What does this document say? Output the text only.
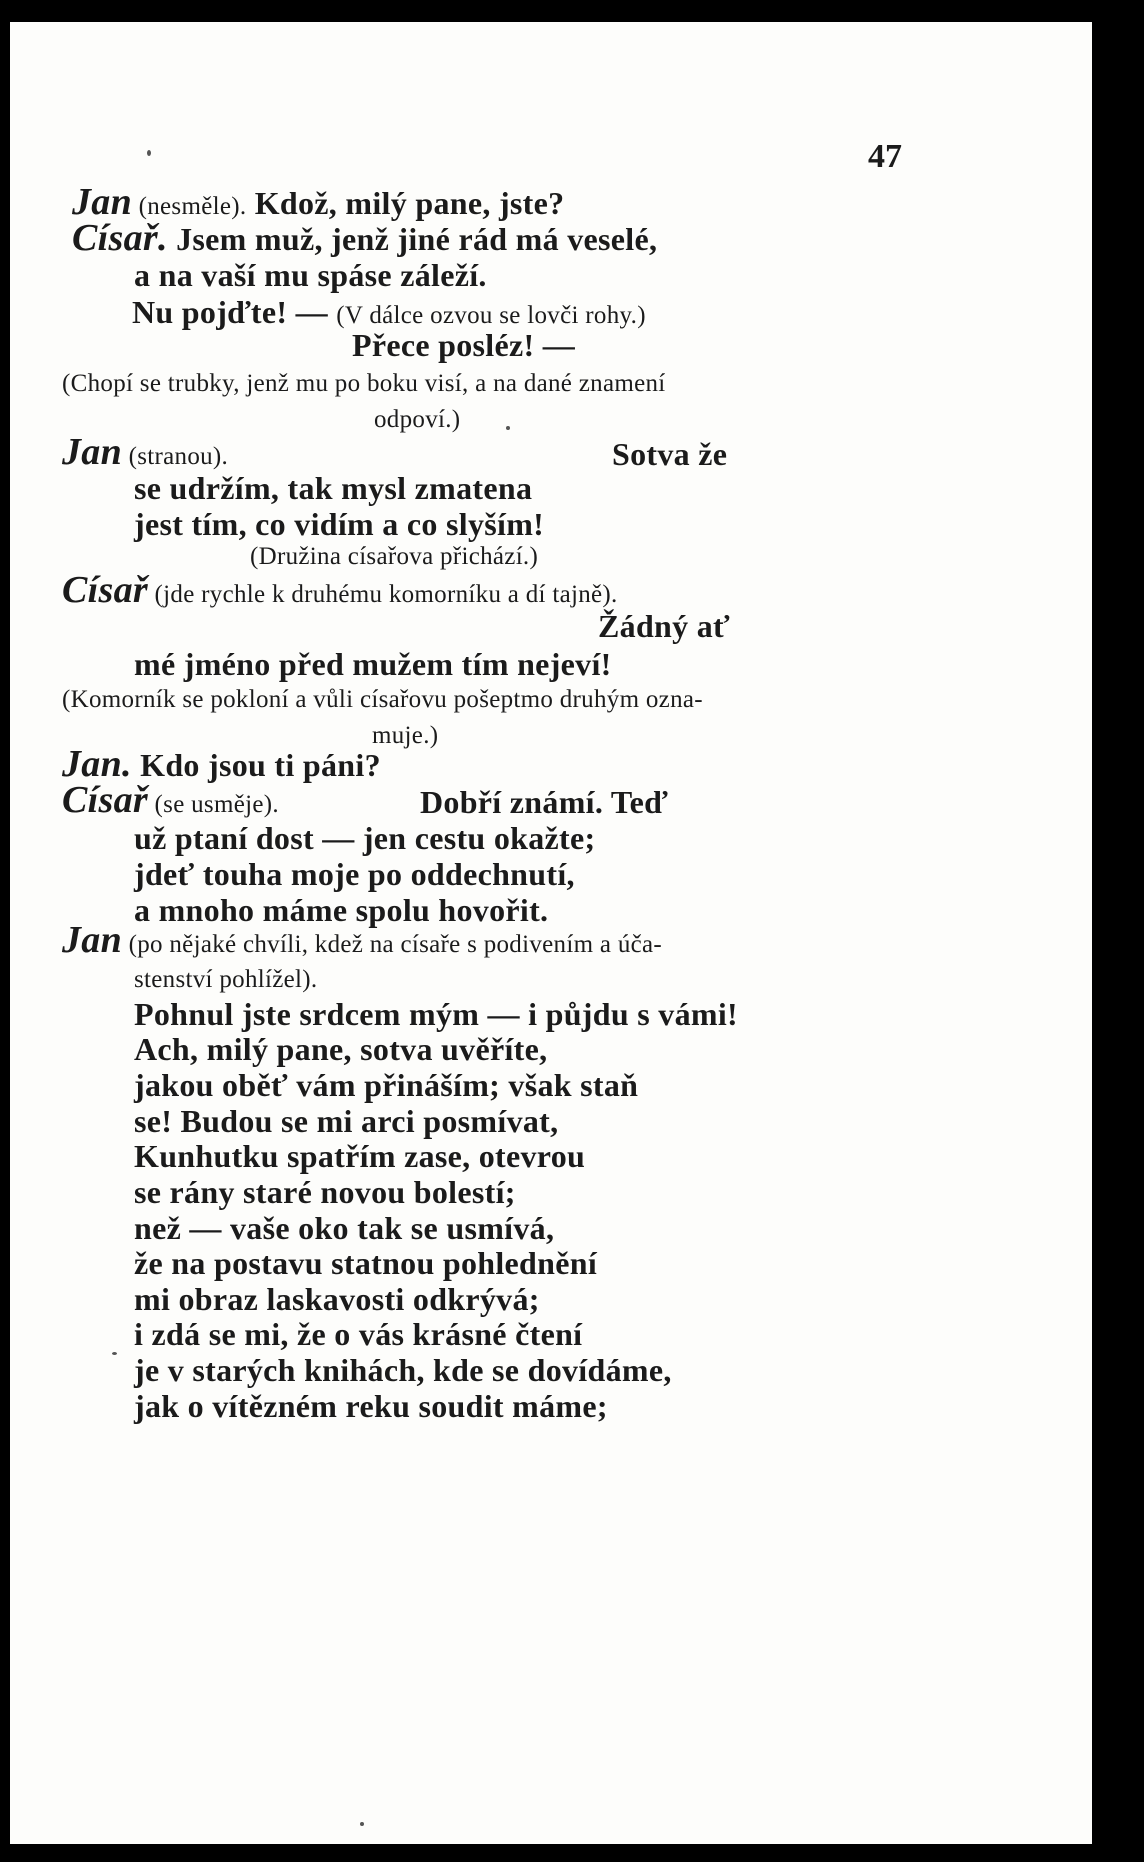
47
Jan (nesměle). Kdož, milý pane, jste?
Císař. Jsem muž, jenž jiné rád má veselé,
a na vaší mu spáse záleží.
Nu pojďte! — (V dálce ozvou se lovči rohy.)
Přece posléz! —
(Chopí se trubky, jenž mu po boku visí, a na dané znamení
odpoví.)
Jan (stranou).	Sotva že
se udržím, tak mysl zmatena
jest tím, co vidím a co slyším!
(Družina císařova přichází.)
Císař (jde rychle k druhému komorníku a dí tajně).
Žádný ať
mé jméno před mužem tím nejeví!
(Komorník se pokloní a vůli císařovu pošeptmo druhým ozna-
muje.)
Jan. Kdo jsou ti páni?
Císař (se usměje).	Dobří známí. Teď
už ptaní dost — jen cestu okažte;
jdeť touha moje po oddechnutí,
a mnoho máme spolu hovořit.
Jan (po nějaké chvíli, kdež na císaře s podivením a úča-
stenství pohlížel).
Pohnul jste srdcem mým — i půjdu s vámi!
Ach, milý pane, sotva uvěříte,
jakou oběť vám přináším; však staň
se! Budou se mi arci posmívat,
Kunhutku spatřím zase, otevrou
se rány staré novou bolestí;
než — vaše oko tak se usmívá,
že na postavu statnou pohlednění
mi obraz laskavosti odkrývá;
i zdá se mi, že o vás krásné čtení
je v starých knihách, kde se dovídáme,
jak o vítězném reku soudit máme;
